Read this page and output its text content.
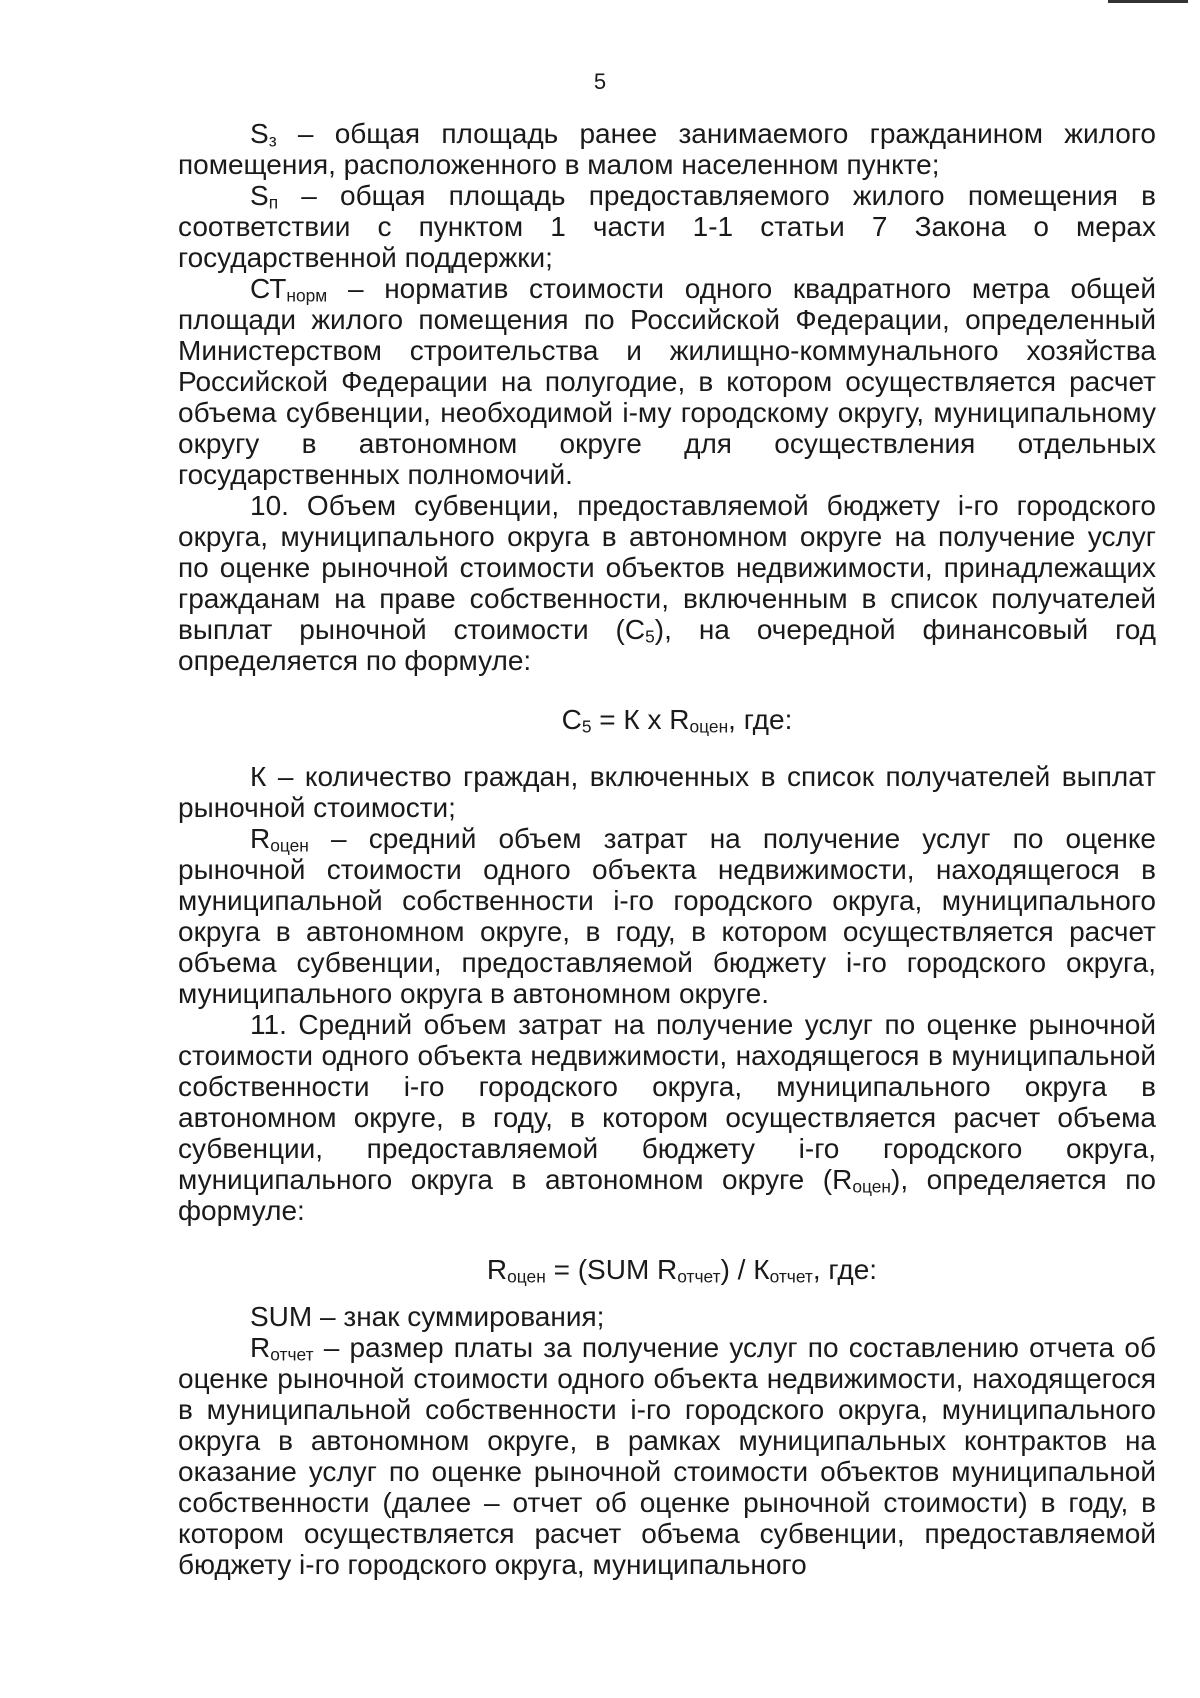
5

$S_з$ – общая площадь ранее занимаемого гражданином жилого помещения, расположенного в малом населенном пункте;

$S_п$ – общая площадь предоставляемого жилого помещения в соответствии с пунктом 1 части 1-1 статьи 7 Закона о мерах государственной поддержки;

$СТ_{норм}$ – норматив стоимости одного квадратного метра общей площади жилого помещения по Российской Федерации, определенный Министерством строительства и жилищно-коммунального хозяйства Российской Федерации на полугодие, в котором осуществляется расчет объема субвенции, необходимой i-му городскому округу, муниципальному округу в автономном округе для осуществления отдельных государственных полномочий.

10. Объем субвенции, предоставляемой бюджету i-го городского округа, муниципального округа в автономном округе на получение услуг по оценке рыночной стоимости объектов недвижимости, принадлежащих гражданам на праве собственности, включенным в список получателей выплат рыночной стоимости $(С_5)$, на очередной финансовый год определяется по формуле:

$С_5 = К$ х $R_{оцен}$, где:

К – количество граждан, включенных в список получателей выплат рыночной стоимости;

$R_{оцен}$ – средний объем затрат на получение услуг по оценке рыночной стоимости одного объекта недвижимости, находящегося в муниципальной собственности i-го городского округа, муниципального округа в автономном округе, в году, в котором осуществляется расчет объема субвенции, предоставляемой бюджету i-го городского округа, муниципального округа в автономном округе.

11. Средний объем затрат на получение услуг по оценке рыночной стоимости одного объекта недвижимости, находящегося в муниципальной собственности i-го городского округа, муниципального округа в автономном округе, в году, в котором осуществляется расчет объема субвенции, предоставляемой бюджету i-го городского округа, муниципального округа в автономном округе $(R_{оцен})$, определяется по формуле:

$R_{оцен} = (SUM$ $R_{отчет}) / К_{отчет}$, где:

SUM – знак суммирования;

$R_{отчет}$ – размер платы за получение услуг по составлению отчета об оценке рыночной стоимости одного объекта недвижимости, находящегося в муниципальной собственности i-го городского округа, муниципального округа в автономном округе, в рамках муниципальных контрактов на оказание услуг по оценке рыночной стоимости объектов муниципальной собственности (далее – отчет об оценке рыночной стоимости) в году, в котором осуществляется расчет объема субвенции, предоставляемой бюджету i-го городского округа, муниципального
